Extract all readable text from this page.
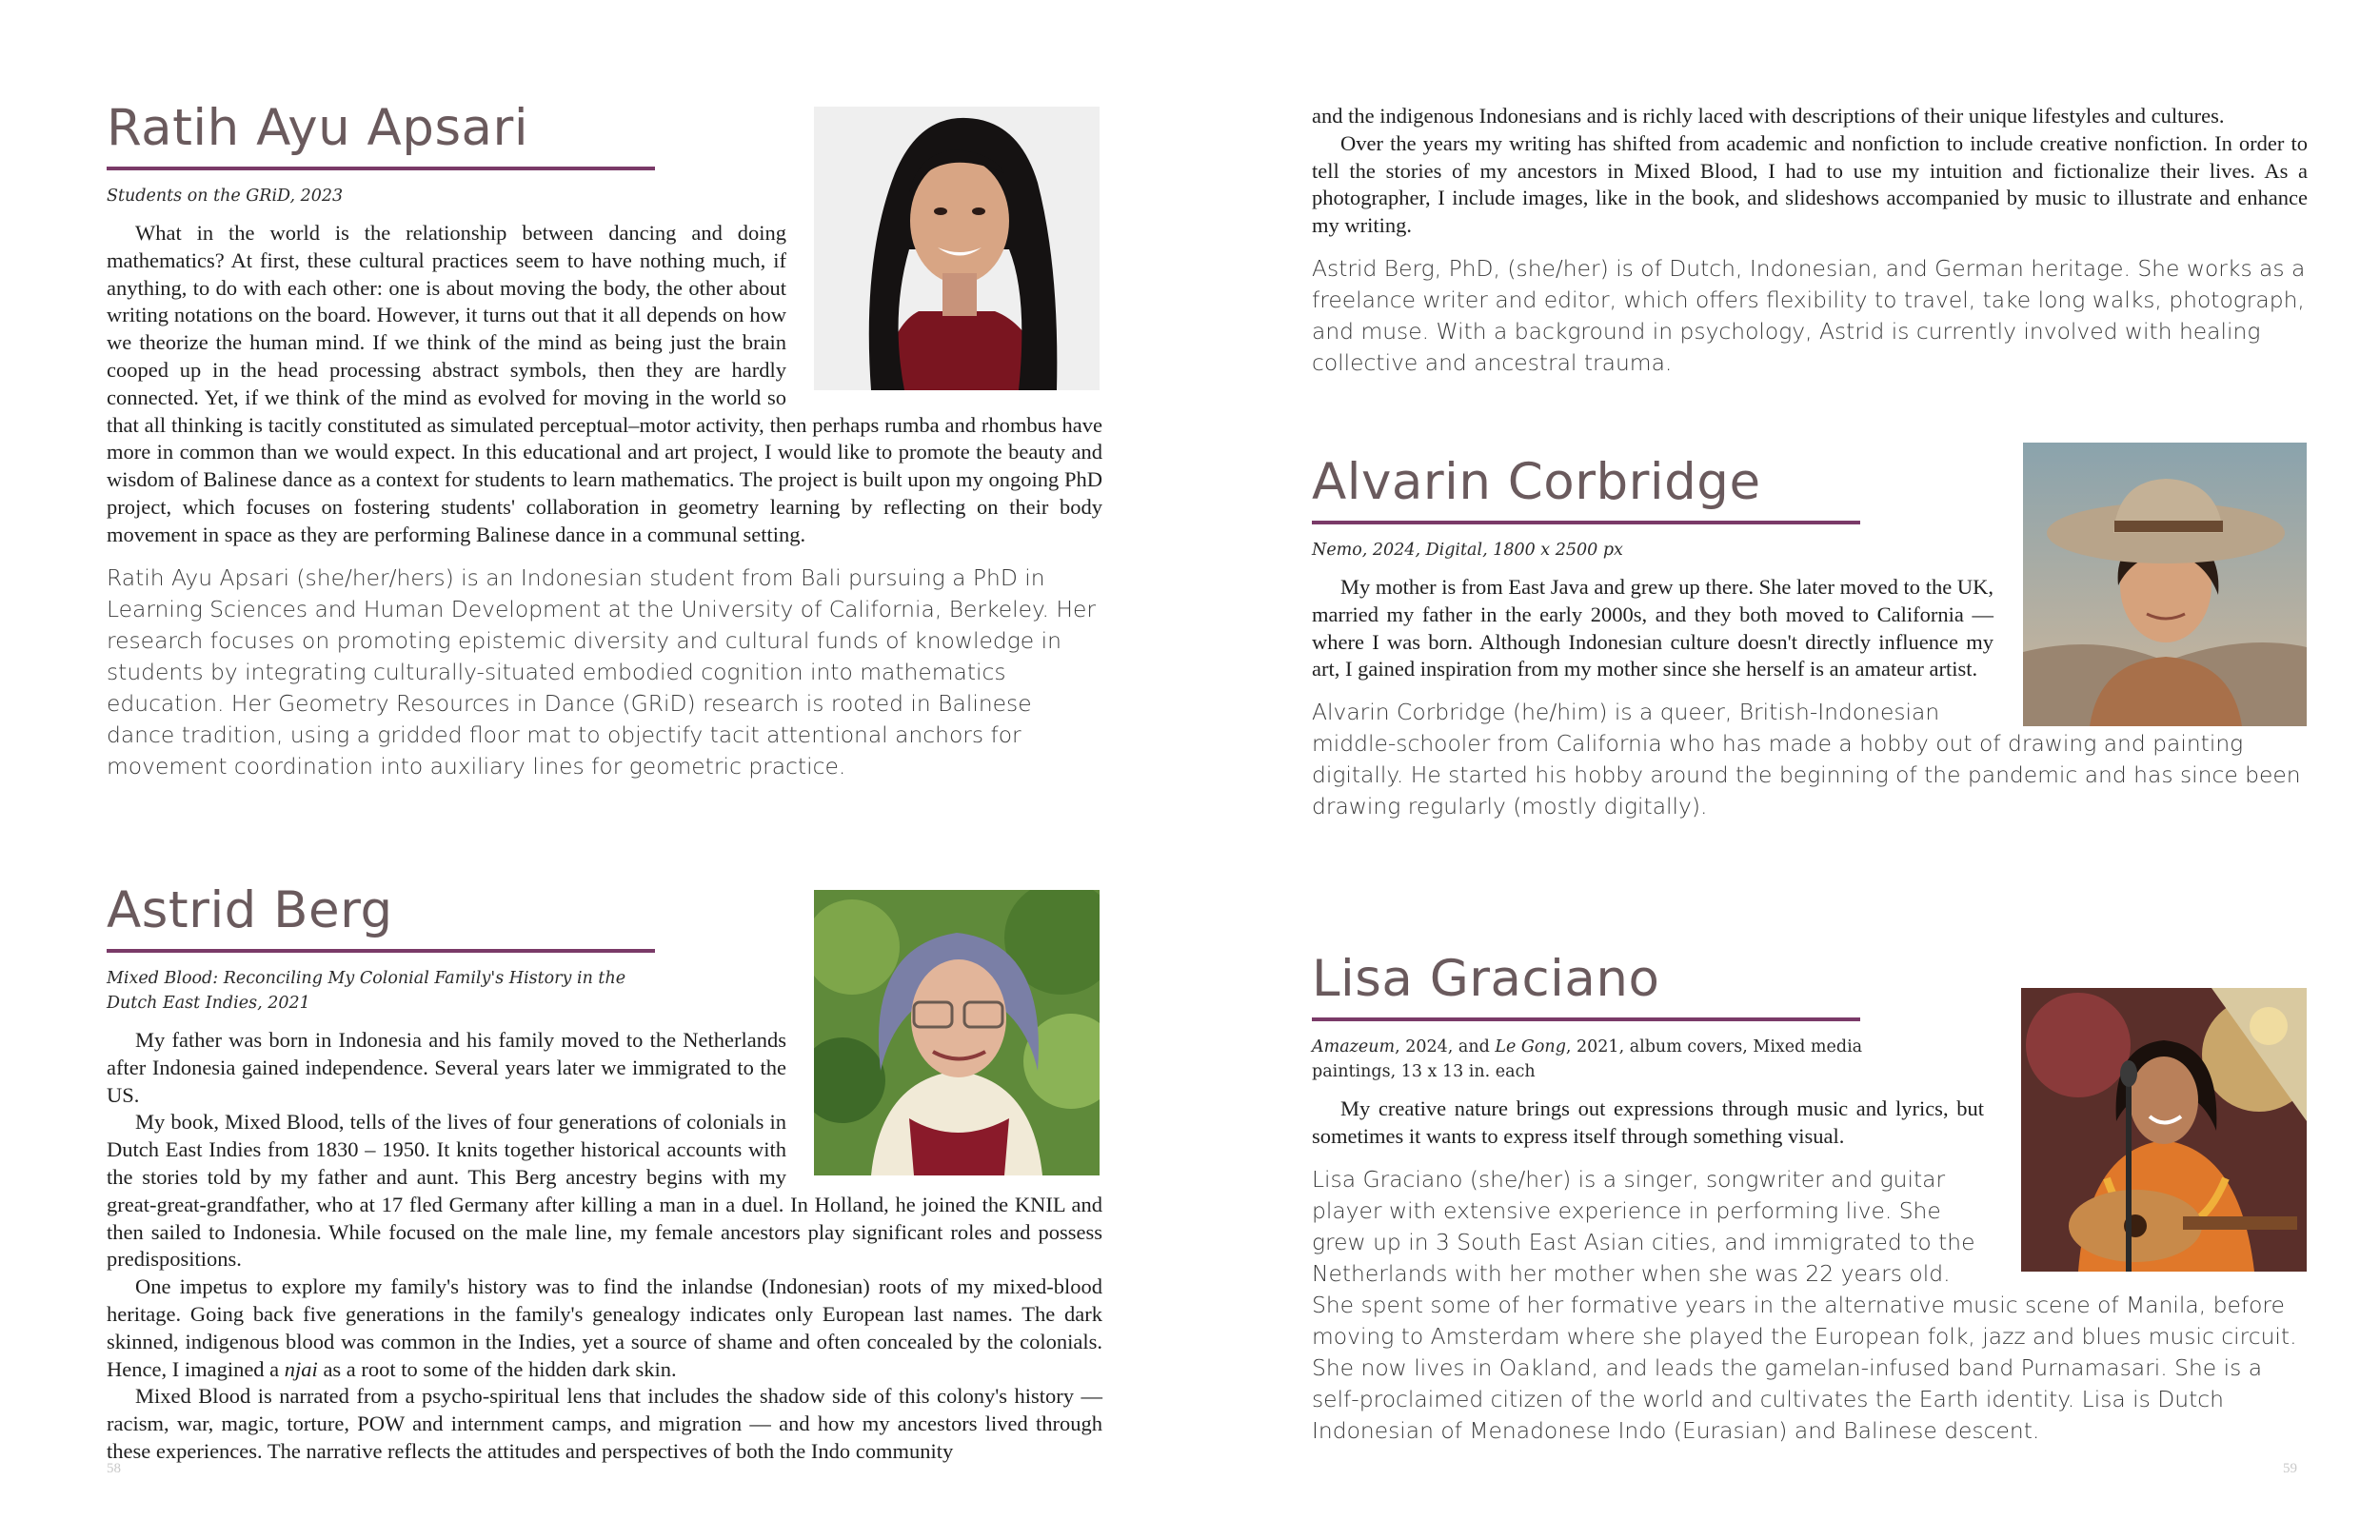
Ratih Ayu Apsari
Students on the GRiD, 2023

What in the world is the relationship between dancing and doing mathematics? At first, these cultural practices seem to have nothing much, if anything, to do with each other: one is about moving the body, the other about writing notations on the board. However, it turns out that it all depends on how we theorize the human mind. If we think of the mind as being just the brain cooped up in the head processing abstract symbols, then they are hardly connected. Yet, if we think of the mind as evolved for moving in the world so that all thinking is tacitly constituted as simulated perceptual–motor activity, then perhaps rumba and rhombus have more in common than we would expect. In this educational and art project, I would like to promote the beauty and wisdom of Balinese dance as a context for students to learn mathematics. The project is built upon my ongoing PhD project, which focuses on fostering students' collaboration in geometry learning by reflecting on their body movement in space as they are performing Balinese dance in a communal setting.

Ratih Ayu Apsari (she/her/hers) is an Indonesian student from Bali pursuing a PhD in Learning Sciences and Human Development at the University of California, Berkeley. Her research focuses on promoting epistemic diversity and cultural funds of knowledge in students by integrating culturally-situated embodied cognition into mathematics education. Her Geometry Resources in Dance (GRiD) research is rooted in Balinese dance tradition, using a gridded floor mat to objectify tacit attentional anchors for movement coordination into auxiliary lines for geometric practice.
Astrid Berg
Mixed Blood: Reconciling My Colonial Family's History in the Dutch East Indies, 2021

My father was born in Indonesia and his family moved to the Netherlands after Indonesia gained independence. Several years later we immigrated to the US.

My book, Mixed Blood, tells of the lives of four generations of colonials in Dutch East Indies from 1830 – 1950. It knits together historical accounts with the stories told by my father and aunt. This Berg ancestry begins with my great-great-grandfather, who at 17 fled Germany after killing a man in a duel. In Holland, he joined the KNIL and then sailed to Indonesia. While focused on the male line, my female ancestors play significant roles and possess predispositions.

One impetus to explore my family's history was to find the inlandse (Indonesian) roots of my mixed-blood heritage. Going back five generations in the family's genealogy indicates only European last names. The dark skinned, indigenous blood was common in the Indies, yet a source of shame and often concealed by the colonials. Hence, I imagined a njai as a root to some of the hidden dark skin.

Mixed Blood is narrated from a psycho-spiritual lens that includes the shadow side of this colony's history — racism, war, magic, torture, POW and internment camps, and migration — and how my ancestors lived through these experiences. The narrative reflects the attitudes and perspectives of both the Indo community

58

and the indigenous Indonesians and is richly laced with descriptions of their unique lifestyles and cultures.

Over the years my writing has shifted from academic and nonfiction to include creative nonfiction. In order to tell the stories of my ancestors in Mixed Blood, I had to use my intuition and fictionalize their lives. As a photographer, I include images, like in the book, and slideshows accompanied by music to illustrate and enhance my writing.

Astrid Berg, PhD, (she/her) is of Dutch, Indonesian, and German heritage. She works as a freelance writer and editor, which offers flexibility to travel, take long walks, photograph, and muse. With a background in psychology, Astrid is currently involved with healing collective and ancestral trauma.
Alvarin Corbridge
Nemo, 2024, Digital, 1800 x 2500 px

My mother is from East Java and grew up there. She later moved to the UK, married my father in the early 2000s, and they both moved to California — where I was born. Although Indonesian culture doesn't directly influence my art, I gained inspiration from my mother since she herself is an amateur artist.

Alvarin Corbridge (he/him) is a queer, British-Indonesian middle-schooler from California who has made a hobby out of drawing and painting digitally. He started his hobby around the beginning of the pandemic and has since been drawing regularly (mostly digitally).
Lisa Graciano
Amazeum, 2024, and Le Gong, 2021, album covers, Mixed media paintings, 13 x 13 in. each

My creative nature brings out expressions through music and lyrics, but sometimes it wants to express itself through something visual.

Lisa Graciano (she/her) is a singer, songwriter and guitar player with extensive experience in performing live. She grew up in 3 South East Asian cities, and immigrated to the Netherlands with her mother when she was 22 years old. She spent some of her formative years in the alternative music scene of Manila, before moving to Amsterdam where she played the European folk, jazz and blues music circuit. She now lives in Oakland, and leads the gamelan-infused band Purnamasari. She is a self-proclaimed citizen of the world and cultivates the Earth identity. Lisa is Dutch Indonesian of Menadonese Indo (Eurasian) and Balinese descent.
59
